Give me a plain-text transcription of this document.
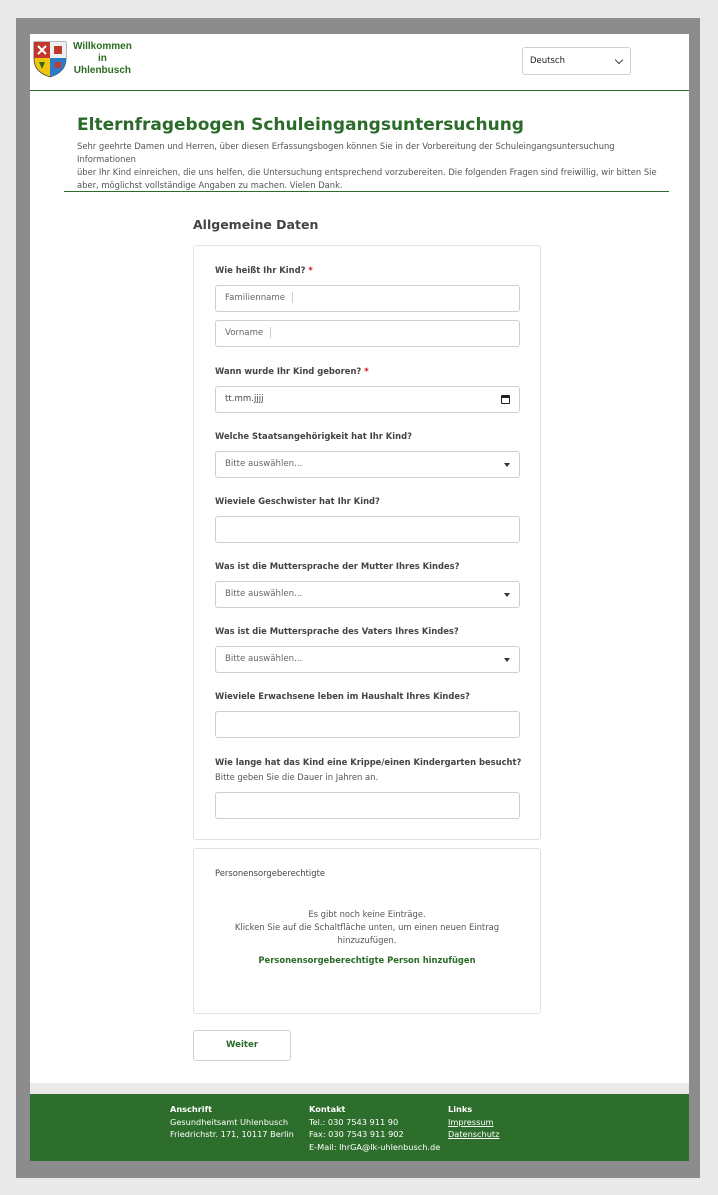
Willkommen
in
Uhlenbusch
Deutsch
Elternfragebogen Schuleingangsuntersuchung

Sehr geehrte Damen und Herren, über diesen Erfassungsbogen können Sie in der Vorbereitung der Schuleingangsuntersuchung Informationen
über Ihr Kind einreichen, die uns helfen, die Untersuchung entsprechend vorzubereiten. Die folgenden Fragen sind freiwillig, wir bitten Sie
aber, möglichst vollständige Angaben zu machen. Vielen Dank.

Allgemeine Daten
Wie heißt Ihr Kind? *
Familienname
Vorname
Wann wurde Ihr Kind geboren? *
tt.mm.jjjj
Welche Staatsangehörigkeit hat Ihr Kind?
Bitte auswählen...
Wieviele Geschwister hat Ihr Kind?
Was ist die Muttersprache der Mutter Ihres Kindes?
Bitte auswählen...
Was ist die Muttersprache des Vaters Ihres Kindes?
Bitte auswählen...
Wieviele Erwachsene leben im Haushalt Ihres Kindes?
Wie lange hat das Kind eine Krippe/einen Kindergarten besucht?
Bitte geben Sie die Dauer in Jahren an.
Personensorgeberechtigte
Es gibt noch keine Einträge.
Klicken Sie auf die Schaltfläche unten, um einen neuen Eintrag
hinzuzufügen.
Personensorgeberechtigte Person hinzufügen
Weiter
Anschrift
Gesundheitsamt Uhlenbusch
Friedrichstr. 171, 10117 Berlin
Kontakt
Tel.: 030 7543 911 90
Fax: 030 7543 911 902
E-Mail: IhrGA@lk-uhlenbusch.de
Links
Impressum
Datenschutz
